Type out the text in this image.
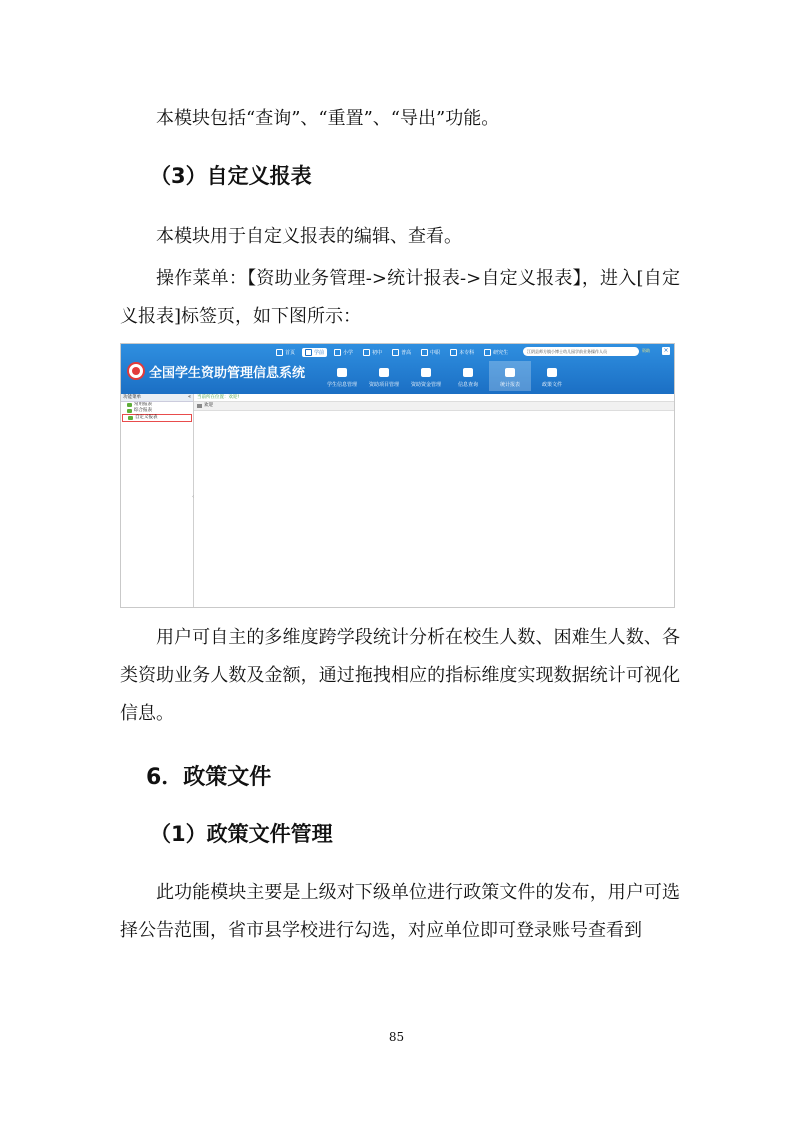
本模块包括“查询”、“重置”、“导出”功能。

（3）自定义报表

本模块用于自定义报表的编辑、查看。

操作菜单：【资助业务管理->统计报表->自定义报表】，进入[自定义报表]标签页，如下图所示：

全国学生资助管理信息系统
首页	学前	小学	初中	普高	中职	本专科	研究生	江阴县师方镇小博士幼儿园学前业务操作人员	资助 ×
学生信息管理 资助项目管理 资助资金管理	信息查询	统计报表	政策文件
功能菜单	«
常用报表
综合报表
自定义报表
‹
当前所在位置：欢迎!
欢迎

用户可自主的多维度跨学段统计分析在校生人数、困难生人数、各类资助业务人数及金额，通过拖拽相应的指标维度实现数据统计可视化信息。

6．政策文件
（1）政策文件管理

此功能模块主要是上级对下级单位进行政策文件的发布，用户可选择公告范围，省市县学校进行勾选，对应单位即可登录账号查看到

85
